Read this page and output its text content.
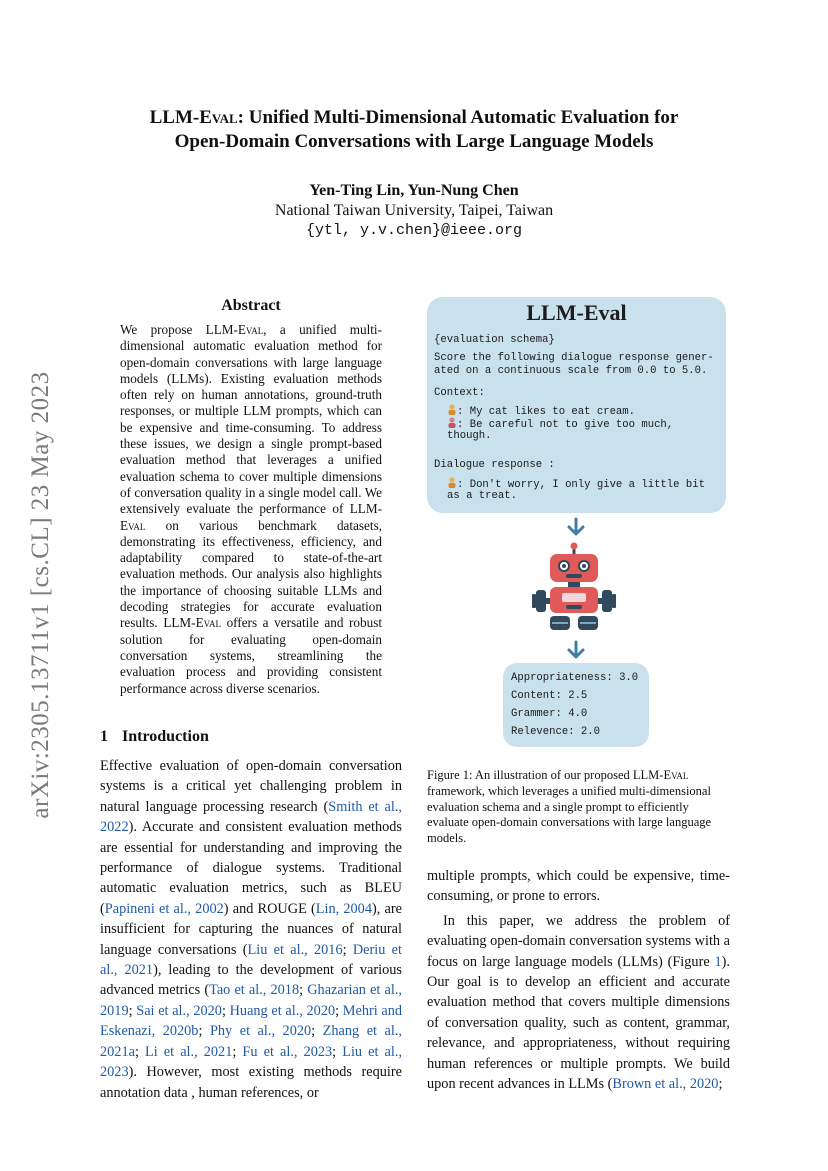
LLM-Eval: Unified Multi-Dimensional Automatic Evaluation for
Open-Domain Conversations with Large Language Models
Yen-Ting Lin, Yun-Nung Chen
National Taiwan University, Taipei, Taiwan
{ytl, y.v.chen}@ieee.org
arXiv:2305.13711v1 [cs.CL] 23 May 2023
Abstract
We propose LLM-Eval, a unified multi-dimensional automatic evaluation method for open-domain conversations with large language models (LLMs). Existing evaluation methods often rely on human annotations, ground-truth responses, or multiple LLM prompts, which can be expensive and time-consuming. To address these issues, we design a single prompt-based evaluation method that leverages a unified evaluation schema to cover multiple dimensions of conversation quality in a single model call. We extensively evaluate the performance of LLM-Eval on various benchmark datasets, demonstrating its effectiveness, efficiency, and adaptability compared to state-of-the-art evaluation methods. Our analysis also highlights the importance of choosing suitable LLMs and decoding strategies for accurate evaluation results. LLM-Eval offers a versatile and robust solution for evaluating open-domain conversation systems, streamlining the evaluation process and providing consistent performance across diverse scenarios.
1 Introduction
Effective evaluation of open-domain conversation systems is a critical yet challenging problem in natural language processing research (Smith et al., 2022). Accurate and consistent evaluation methods are essential for understanding and improving the performance of dialogue systems. Traditional automatic evaluation metrics, such as BLEU (Papineni et al., 2002) and ROUGE (Lin, 2004), are insufficient for capturing the nuances of natural language conversations (Liu et al., 2016; Deriu et al., 2021), leading to the development of various advanced metrics (Tao et al., 2018; Ghazarian et al., 2019; Sai et al., 2020; Huang et al., 2020; Mehri and Eskenazi, 2020b; Phy et al., 2020; Zhang et al., 2021a; Li et al., 2021; Fu et al., 2023; Liu et al., 2023). However, most existing methods require annotation data , human references, or
LLM-Eval
{evaluation schema}
Score the following dialogue response gener-
ated on a continuous scale from 0.0 to 5.0.
Context:
: My cat likes to eat cream.
: Be careful not to give too much,
though.
Dialogue response :
: Don't worry, I only give a little bit
as a treat.
Appropriateness: 3.0
Content: 2.5
Grammer: 4.0
Relevence: 2.0
Figure 1: An illustration of our proposed LLM-Eval framework, which leverages a unified multi-dimensional evaluation schema and a single prompt to efficiently evaluate open-domain conversations with large language models.
multiple prompts, which could be expensive, time-consuming, or prone to errors.
In this paper, we address the problem of evaluating open-domain conversation systems with a focus on large language models (LLMs) (Figure 1). Our goal is to develop an efficient and accurate evaluation method that covers multiple dimensions of conversation quality, such as content, grammar, relevance, and appropriateness, without requiring human references or multiple prompts. We build upon recent advances in LLMs (Brown et al., 2020;
